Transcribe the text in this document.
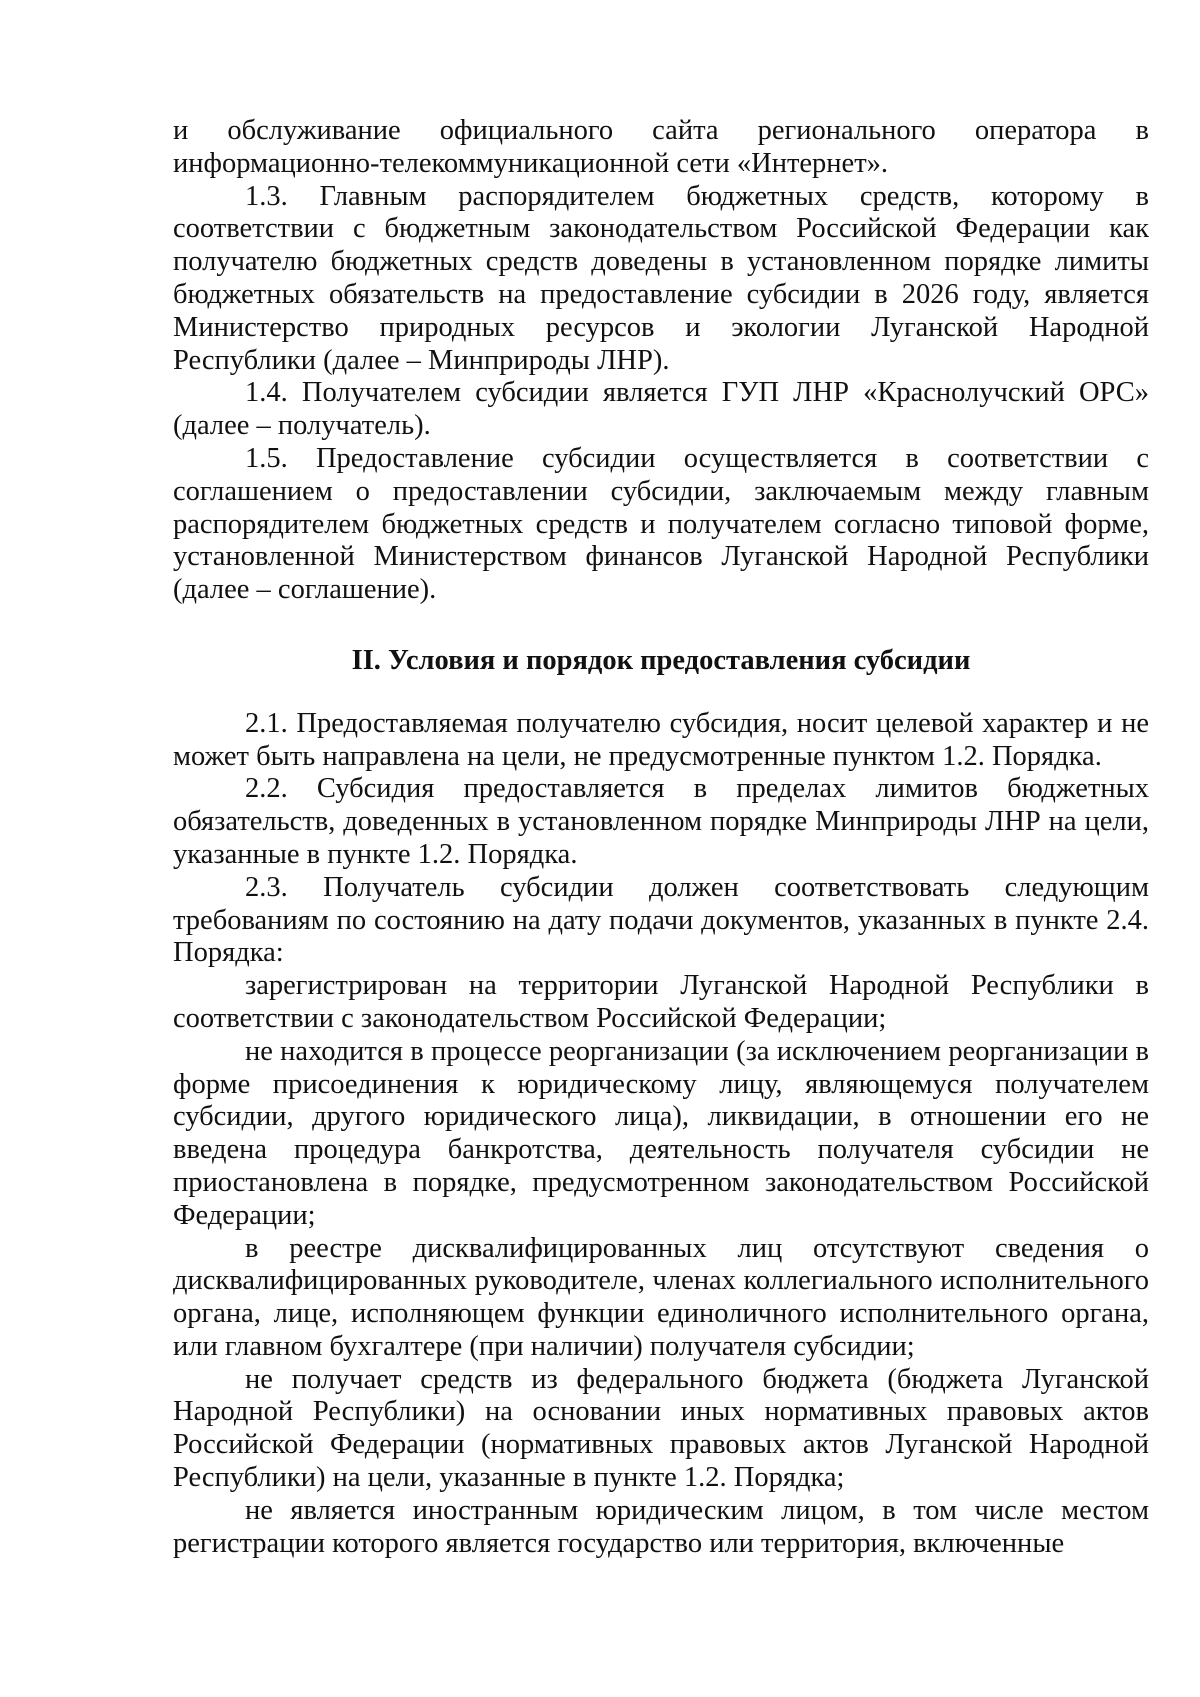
и обслуживание официального сайта регионального оператора в информационно-телекоммуникационной сети «Интернет».

1.3. Главным распорядителем бюджетных средств, которому в соответствии с бюджетным законодательством Российской Федерации как получателю бюджетных средств доведены в установленном порядке лимиты бюджетных обязательств на предоставление субсидии в 2026 году, является Министерство природных ресурсов и экологии Луганской Народной Республики (далее – Минприроды ЛНР).

1.4. Получателем субсидии является ГУП ЛНР «Краснолучский ОРС» (далее – получатель).

1.5. Предоставление субсидии осуществляется в соответствии с соглашением о предоставлении субсидии, заключаемым между главным распорядителем бюджетных средств и получателем согласно типовой форме, установленной Министерством финансов Луганской Народной Республики (далее – соглашение).

II. Условия и порядок предоставления субсидии

2.1. Предоставляемая получателю субсидия, носит целевой характер и не может быть направлена на цели, не предусмотренные пунктом 1.2. Порядка.

2.2. Субсидия предоставляется в пределах лимитов бюджетных обязательств, доведенных в установленном порядке Минприроды ЛНР на цели, указанные в пункте 1.2. Порядка.

2.3. Получатель субсидии должен соответствовать следующим требованиям по состоянию на дату подачи документов, указанных в пункте 2.4. Порядка:

зарегистрирован на территории Луганской Народной Республики в соответствии с законодательством Российской Федерации;

не находится в процессе реорганизации (за исключением реорганизации в форме присоединения к юридическому лицу, являющемуся получателем субсидии, другого юридического лица), ликвидации, в отношении его не введена процедура банкротства, деятельность получателя субсидии не приостановлена в порядке, предусмотренном законодательством Российской Федерации;

в реестре дисквалифицированных лиц отсутствуют сведения о дисквалифицированных руководителе, членах коллегиального исполнительного органа, лице, исполняющем функции единоличного исполнительного органа, или главном бухгалтере (при наличии) получателя субсидии;

не получает средств из федерального бюджета (бюджета Луганской Народной Республики) на основании иных нормативных правовых актов Российской Федерации (нормативных правовых актов Луганской Народной Республики) на цели, указанные в пункте 1.2. Порядка;

не является иностранным юридическим лицом, в том числе местом регистрации которого является государство или территория, включенные
